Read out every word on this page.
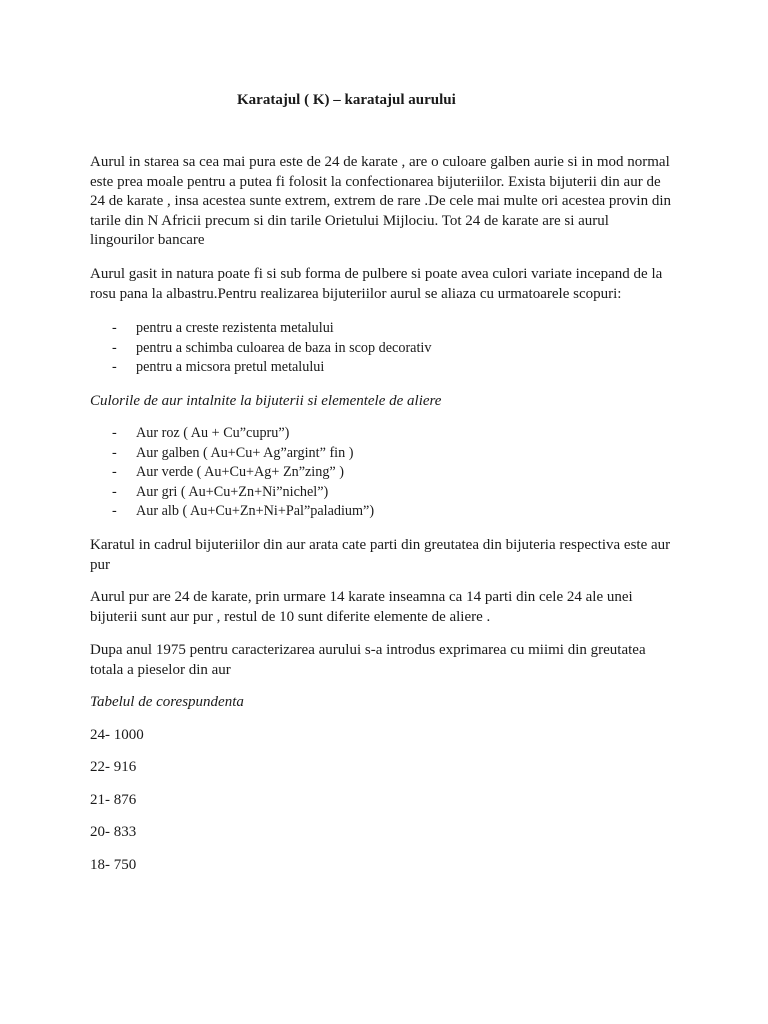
Karatajul ( K) – karatajul aurului

Aurul in starea sa cea mai pura este de 24 de karate , are o culoare galben aurie si in mod normal
este prea moale pentru a putea fi folosit la confectionarea bijuteriilor. Exista bijuterii din aur de
24 de karate , insa acestea sunte extrem, extrem de rare .De cele mai multe ori acestea provin din
tarile din N Africii precum si din tarile Orietului Mijlociu. Tot 24 de karate are si aurul
lingourilor bancare

Aurul gasit in natura poate fi si sub forma de pulbere si poate avea culori variate incepand de la
rosu pana la albastru.Pentru realizarea bijuteriilor aurul se aliaza cu urmatoarele scopuri:

- pentru a creste rezistenta metalului
- pentru a schimba culoarea de baza in scop decorativ
- pentru a micsora pretul metalului
Culorile de aur intalnite la bijuterii si elementele de aliere
- Aur roz ( Au + Cu”cupru”)
- Aur galben ( Au+Cu+ Ag”argint” fin )
- Aur verde ( Au+Cu+Ag+ Zn”zing” )
- Aur gri ( Au+Cu+Zn+Ni”nichel”)
- Aur alb ( Au+Cu+Zn+Ni+Pal”paladium”)

Karatul in cadrul bijuteriilor din aur arata cate parti din greutatea din bijuteria respectiva este aur
pur

Aurul pur are 24 de karate, prin urmare 14 karate inseamna ca 14 parti din cele 24 ale unei
bijuterii sunt aur pur , restul de 10 sunt diferite elemente de aliere .

Dupa anul 1975 pentru caracterizarea aurului s-a introdus exprimarea cu miimi din greutatea
totala a pieselor din aur

Tabelul de corespundenta
24- 1000
22- 916
21- 876
20- 833
18- 750
